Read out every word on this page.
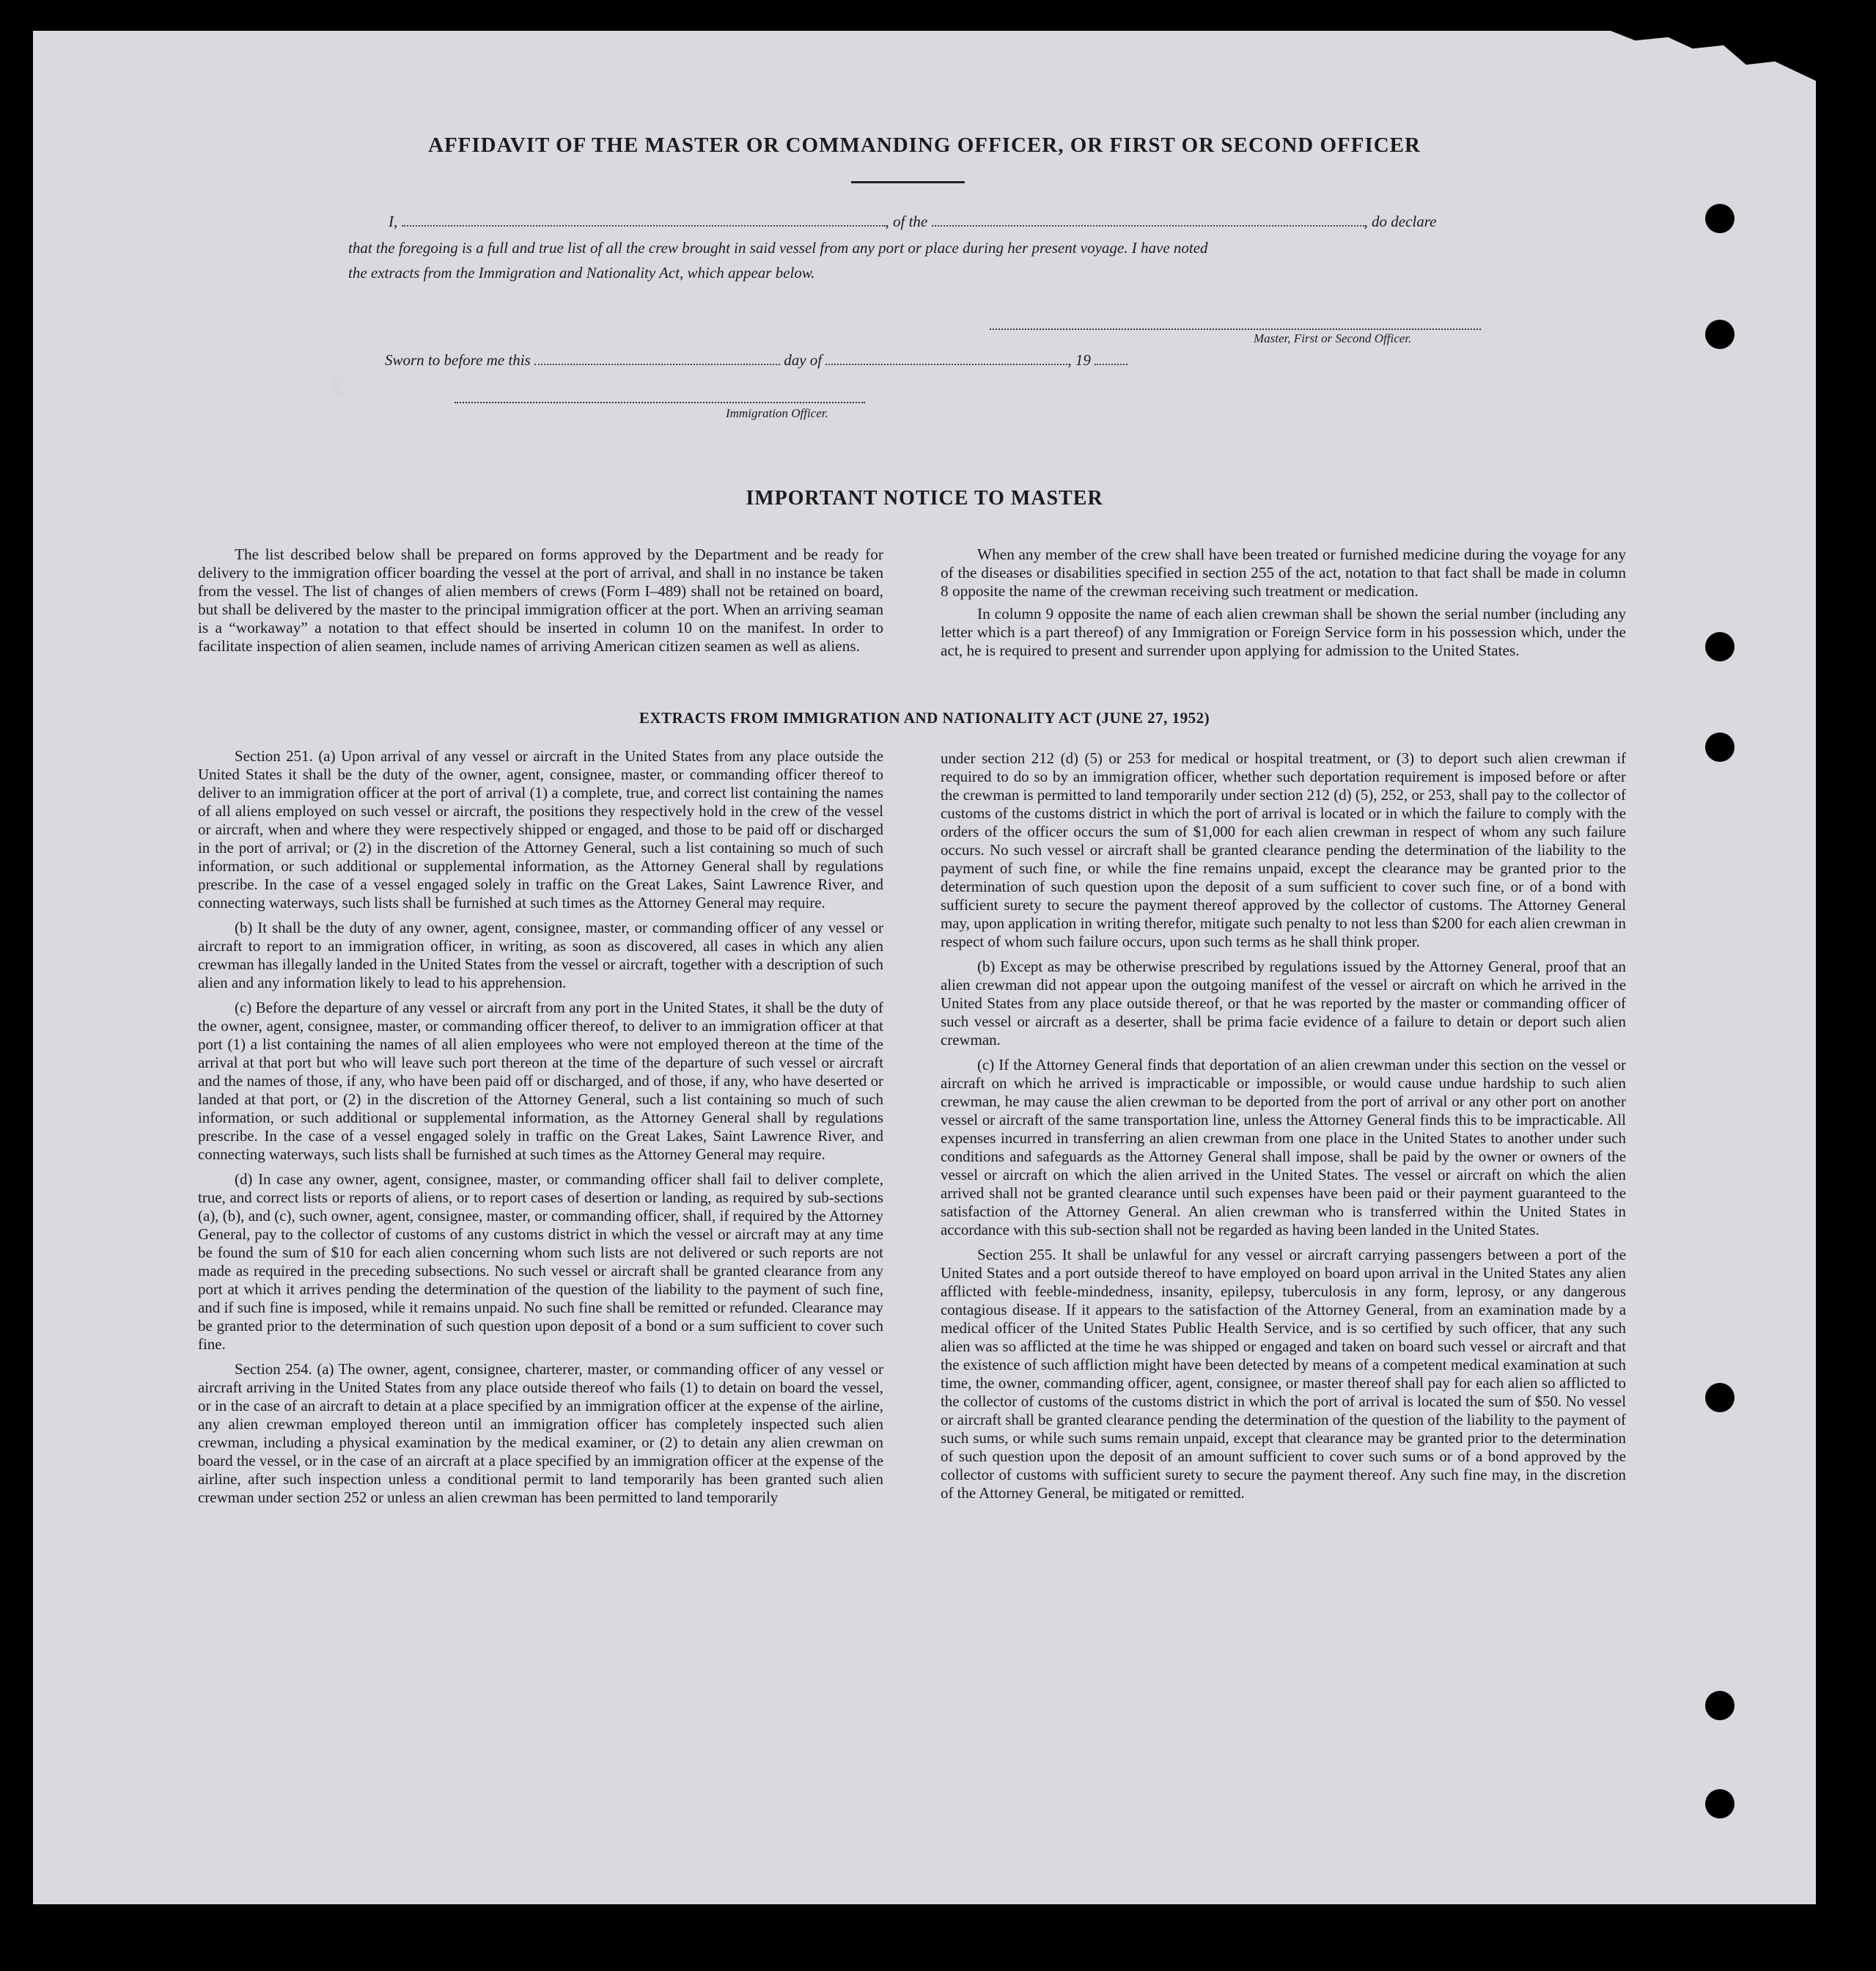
░
AFFIDAVIT OF THE MASTER OR COMMANDING OFFICER, OR FIRST OR SECOND OFFICER
I,	, of the	, do declare
that the foregoing is a full and true list of all the crew brought in said vessel from any port or place during her present voyage. I have noted
the extracts from the Immigration and Nationality Act, which appear below.
Master, First or Second Officer.
Sworn to before me this	day of	, 19
Immigration Officer.
IMPORTANT NOTICE TO MASTER

The list described below shall be prepared on forms approved by the Department and be ready for delivery to the immigration officer boarding the vessel at the port of arrival, and shall in no instance be taken from the vessel. The list of changes of alien members of crews (Form I–489) shall not be retained on board, but shall be delivered by the master to the principal immigration officer at the port. When an arriving seaman is a “workaway” a notation to that effect should be inserted in column 10 on the manifest. In order to facilitate inspection of alien seamen, include names of arriving American citizen seamen as well as aliens.

When any member of the crew shall have been treated or furnished medicine during the voyage for any of the diseases or disabilities specified in section 255 of the act, notation to that fact shall be made in column 8 opposite the name of the crewman receiving such treatment or medication.

In column 9 opposite the name of each alien crewman shall be shown the serial number (including any letter which is a part thereof) of any Immigration or Foreign Service form in his possession which, under the act, he is required to present and surrender upon applying for admission to the United States.

EXTRACTS FROM IMMIGRATION AND NATIONALITY ACT (JUNE 27, 1952)

Section 251. (a) Upon arrival of any vessel or aircraft in the United States from any place outside the United States it shall be the duty of the owner, agent, consignee, master, or commanding officer thereof to deliver to an immigration officer at the port of arrival (1) a complete, true, and correct list containing the names of all aliens employed on such vessel or aircraft, the positions they respectively hold in the crew of the vessel or aircraft, when and where they were respectively shipped or engaged, and those to be paid off or discharged in the port of arrival; or (2) in the discretion of the Attorney General, such a list containing so much of such information, or such additional or supplemental information, as the Attorney General shall by regulations prescribe. In the case of a vessel engaged solely in traffic on the Great Lakes, Saint Lawrence River, and connecting waterways, such lists shall be furnished at such times as the Attorney General may require.

(b) It shall be the duty of any owner, agent, consignee, master, or commanding officer of any vessel or aircraft to report to an immigration officer, in writing, as soon as discovered, all cases in which any alien crewman has illegally landed in the United States from the vessel or aircraft, together with a description of such alien and any information likely to lead to his apprehension.

(c) Before the departure of any vessel or aircraft from any port in the United States, it shall be the duty of the owner, agent, consignee, master, or commanding officer thereof, to deliver to an immigration officer at that port (1) a list containing the names of all alien employees who were not employed thereon at the time of the arrival at that port but who will leave such port thereon at the time of the departure of such vessel or aircraft and the names of those, if any, who have been paid off or discharged, and of those, if any, who have deserted or landed at that port, or (2) in the discretion of the Attorney General, such a list containing so much of such information, or such additional or supplemental information, as the Attorney General shall by regulations prescribe. In the case of a vessel engaged solely in traffic on the Great Lakes, Saint Lawrence River, and connecting waterways, such lists shall be furnished at such times as the Attorney General may require.

(d) In case any owner, agent, consignee, master, or commanding officer shall fail to deliver complete, true, and correct lists or reports of aliens, or to report cases of desertion or landing, as required by sub-sections (a), (b), and (c), such owner, agent, consignee, master, or commanding officer, shall, if required by the Attorney General, pay to the collector of customs of any customs district in which the vessel or aircraft may at any time be found the sum of $10 for each alien concerning whom such lists are not delivered or such reports are not made as required in the preceding subsections. No such vessel or aircraft shall be granted clearance from any port at which it arrives pending the determination of the question of the liability to the payment of such fine, and if such fine is imposed, while it remains unpaid. No such fine shall be remitted or refunded. Clearance may be granted prior to the determination of such question upon deposit of a bond or a sum sufficient to cover such fine.

Section 254. (a) The owner, agent, consignee, charterer, master, or commanding officer of any vessel or aircraft arriving in the United States from any place outside thereof who fails (1) to detain on board the vessel, or in the case of an aircraft to detain at a place specified by an immigration officer at the expense of the airline, any alien crewman employed thereon until an immigration officer has completely inspected such alien crewman, including a physical examination by the medical examiner, or (2) to detain any alien crewman on board the vessel, or in the case of an aircraft at a place specified by an immigration officer at the expense of the airline, after such inspection unless a conditional permit to land temporarily has been granted such alien crewman under section 252 or unless an alien crewman has been permitted to land temporarily

under section 212 (d) (5) or 253 for medical or hospital treatment, or (3) to deport such alien crewman if required to do so by an immigration officer, whether such deportation requirement is imposed before or after the crewman is permitted to land temporarily under section 212 (d) (5), 252, or 253, shall pay to the collector of customs of the customs district in which the port of arrival is located or in which the failure to comply with the orders of the officer occurs the sum of $1,000 for each alien crewman in respect of whom any such failure occurs. No such vessel or aircraft shall be granted clearance pending the determination of the liability to the payment of such fine, or while the fine remains unpaid, except the clearance may be granted prior to the determination of such question upon the deposit of a sum sufficient to cover such fine, or of a bond with sufficient surety to secure the payment thereof approved by the collector of customs. The Attorney General may, upon application in writing therefor, mitigate such penalty to not less than $200 for each alien crewman in respect of whom such failure occurs, upon such terms as he shall think proper.

(b) Except as may be otherwise prescribed by regulations issued by the Attorney General, proof that an alien crewman did not appear upon the outgoing manifest of the vessel or aircraft on which he arrived in the United States from any place outside thereof, or that he was reported by the master or commanding officer of such vessel or aircraft as a deserter, shall be prima facie evidence of a failure to detain or deport such alien crewman.

(c) If the Attorney General finds that deportation of an alien crewman under this section on the vessel or aircraft on which he arrived is impracticable or impossible, or would cause undue hardship to such alien crewman, he may cause the alien crewman to be deported from the port of arrival or any other port on another vessel or aircraft of the same transportation line, unless the Attorney General finds this to be impracticable. All expenses incurred in transferring an alien crewman from one place in the United States to another under such conditions and safeguards as the Attorney General shall impose, shall be paid by the owner or owners of the vessel or aircraft on which the alien arrived in the United States. The vessel or aircraft on which the alien arrived shall not be granted clearance until such expenses have been paid or their payment guaranteed to the satisfaction of the Attorney General. An alien crewman who is transferred within the United States in accordance with this sub-section shall not be regarded as having been landed in the United States.

Section 255. It shall be unlawful for any vessel or aircraft carrying passengers between a port of the United States and a port outside thereof to have employed on board upon arrival in the United States any alien afflicted with feeble-mindedness, insanity, epilepsy, tuberculosis in any form, leprosy, or any dangerous contagious disease. If it appears to the satisfaction of the Attorney General, from an examination made by a medical officer of the United States Public Health Service, and is so certified by such officer, that any such alien was so afflicted at the time he was shipped or engaged and taken on board such vessel or aircraft and that the existence of such affliction might have been detected by means of a competent medical examination at such time, the owner, commanding officer, agent, consignee, or master thereof shall pay for each alien so afflicted to the collector of customs of the customs district in which the port of arrival is located the sum of $50. No vessel or aircraft shall be granted clearance pending the determination of the question of the liability to the payment of such sums, or while such sums remain unpaid, except that clearance may be granted prior to the determination of such question upon the deposit of an amount sufficient to cover such sums or of a bond approved by the collector of customs with sufficient surety to secure the payment thereof. Any such fine may, in the discretion of the Attorney General, be mitigated or remitted.
